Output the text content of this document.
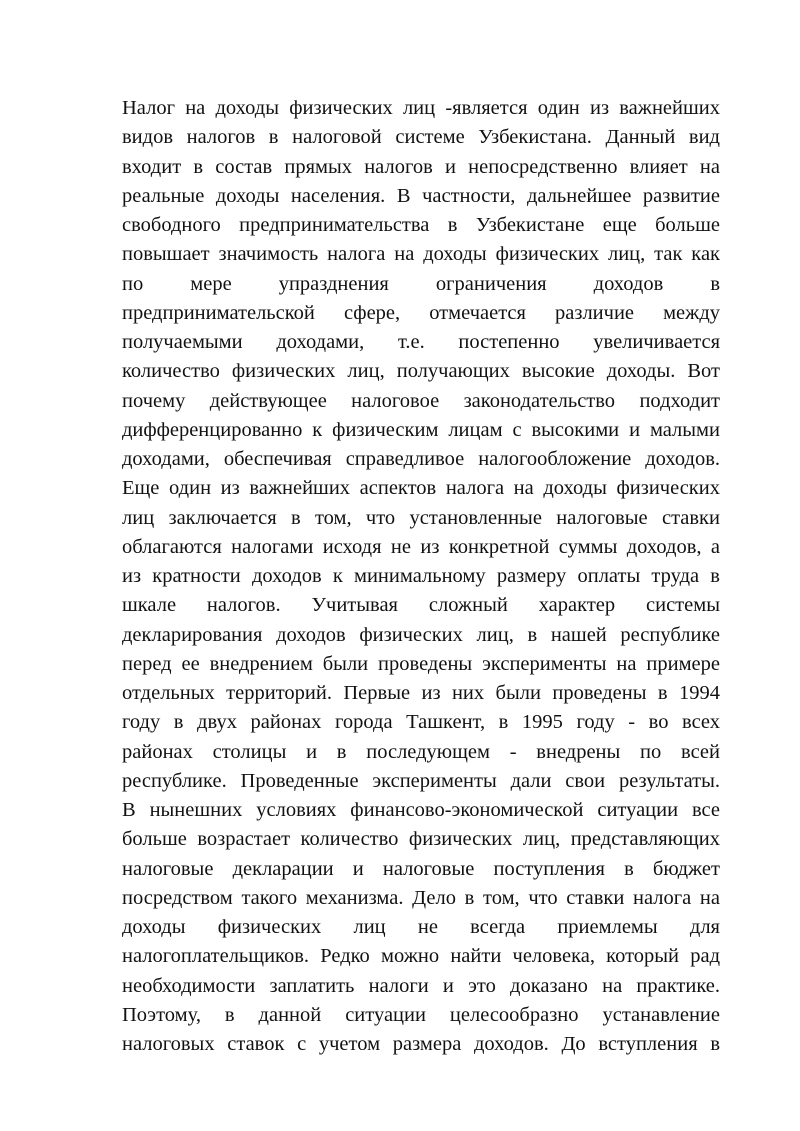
Налог на доходы физических лиц -является один из важнейших
видов налогов в налоговой системе Узбекистана. Данный вид
входит в состав прямых налогов и непосредственно влияет на
реальные доходы населения. В частности, дальнейшее развитие
свободного предпринимательства в Узбекистане еще больше
повышает значимость налога на доходы физических лиц, так как
по мере упразднения ограничения доходов в
предпринимательской сфере, отмечается различие между
получаемыми доходами, т.е. постепенно увеличивается
количество физических лиц, получающих высокие доходы. Вот
почему действующее налоговое законодательство подходит
дифференцированно к физическим лицам с высокими и малыми
доходами, обеспечивая справедливое налогообложение доходов.
Еще один из важнейших аспектов налога на доходы физических
лиц заключается в том, что установленные налоговые ставки
облагаются налогами исходя не из конкретной суммы доходов, а
из кратности доходов к минимальному размеру оплаты труда в
шкале налогов. Учитывая сложный характер системы
декларирования доходов физических лиц, в нашей республике
перед ее внедрением были проведены эксперименты на примере
отдельных территорий. Первые из них были проведены в 1994
году в двух районах города Ташкент, в 1995 году - во всех
районах столицы и в последующем - внедрены по всей
республике. Проведенные эксперименты дали свои результаты.
В нынешних условиях финансово-экономической ситуации все
больше возрастает количество физических лиц, представляющих
налоговые декларации и налоговые поступления в бюджет
посредством такого механизма. Дело в том, что ставки налога на
доходы физических лиц не всегда приемлемы для
налогоплательщиков. Редко можно найти человека, который рад
необходимости заплатить налоги и это доказано на практике.
Поэтому, в данной ситуации целесообразно устанавление
налоговых ставок с учетом размера доходов. До вступления в
